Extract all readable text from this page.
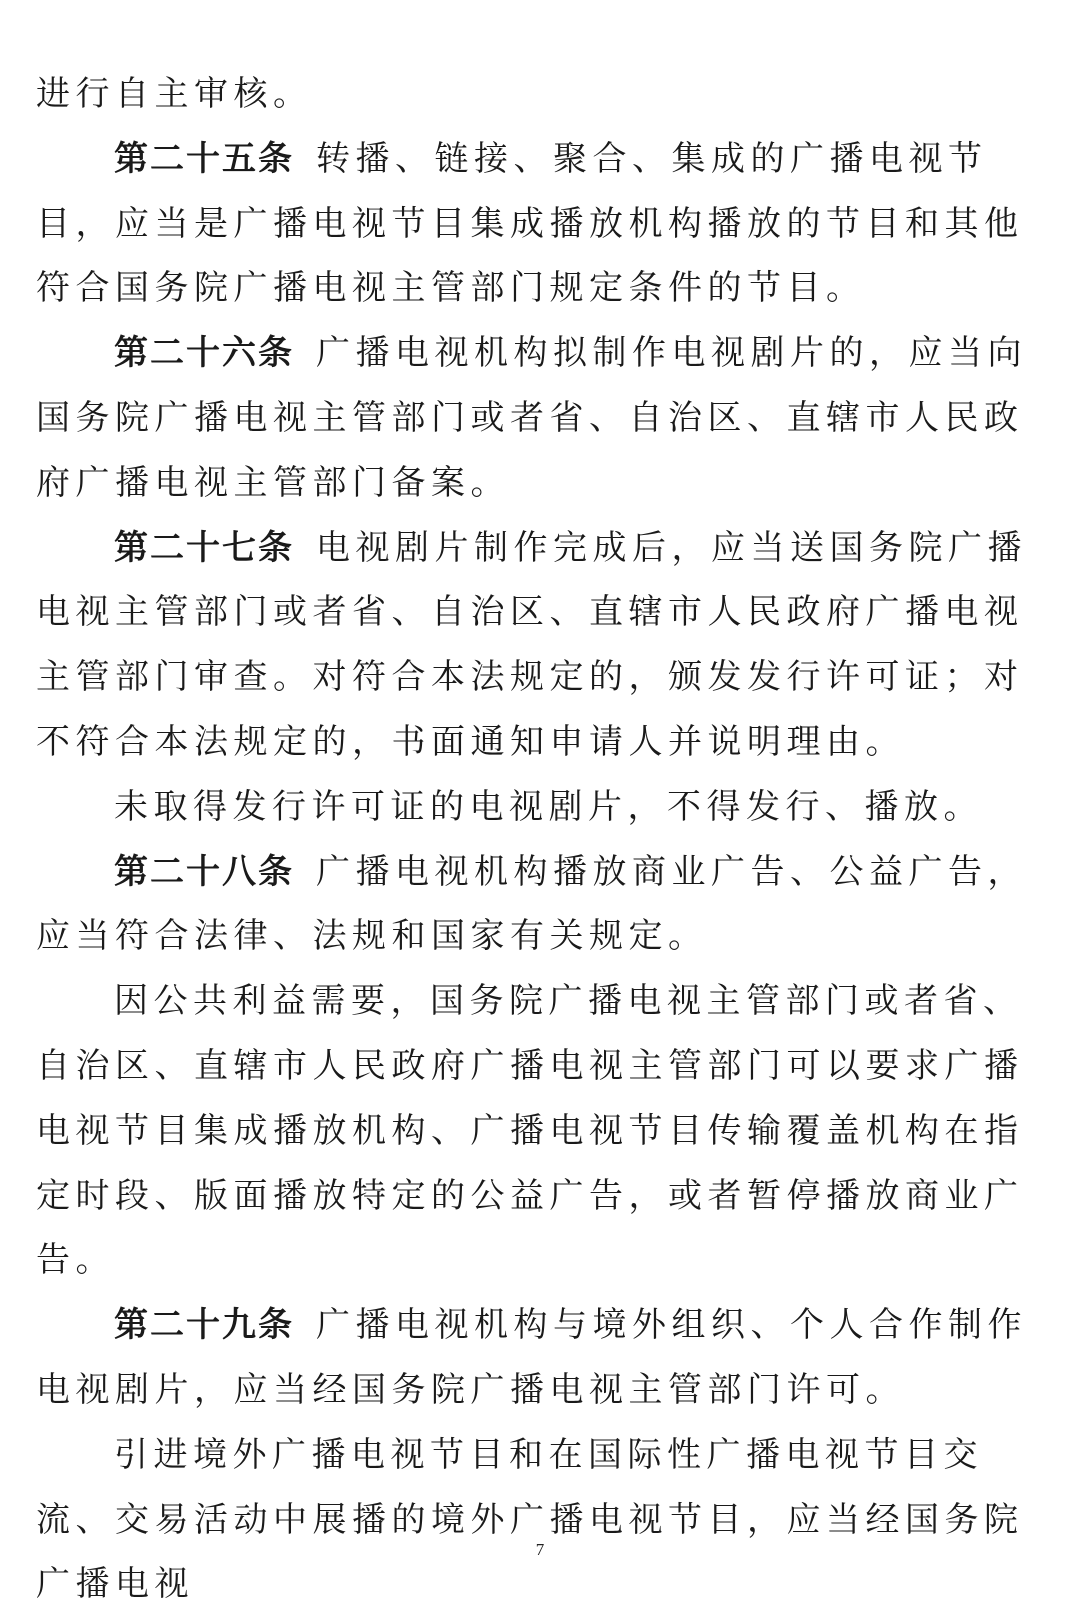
进行自主审核。

第二十五条 转播、链接、聚合、集成的广播电视节目，应当是广播电视节目集成播放机构播放的节目和其他符合国务院广播电视主管部门规定条件的节目。

第二十六条 广播电视机构拟制作电视剧片的，应当向国务院广播电视主管部门或者省、自治区、直辖市人民政府广播电视主管部门备案。

第二十七条 电视剧片制作完成后，应当送国务院广播电视主管部门或者省、自治区、直辖市人民政府广播电视主管部门审查。对符合本法规定的，颁发发行许可证；对不符合本法规定的，书面通知申请人并说明理由。

未取得发行许可证的电视剧片，不得发行、播放。

第二十八条 广播电视机构播放商业广告、公益广告，应当符合法律、法规和国家有关规定。

因公共利益需要，国务院广播电视主管部门或者省、自治区、直辖市人民政府广播电视主管部门可以要求广播电视节目集成播放机构、广播电视节目传输覆盖机构在指定时段、版面播放特定的公益广告，或者暂停播放商业广告。

第二十九条 广播电视机构与境外组织、个人合作制作电视剧片，应当经国务院广播电视主管部门许可。

引进境外广播电视节目和在国际性广播电视节目交流、交易活动中展播的境外广播电视节目，应当经国务院广播电视

7
